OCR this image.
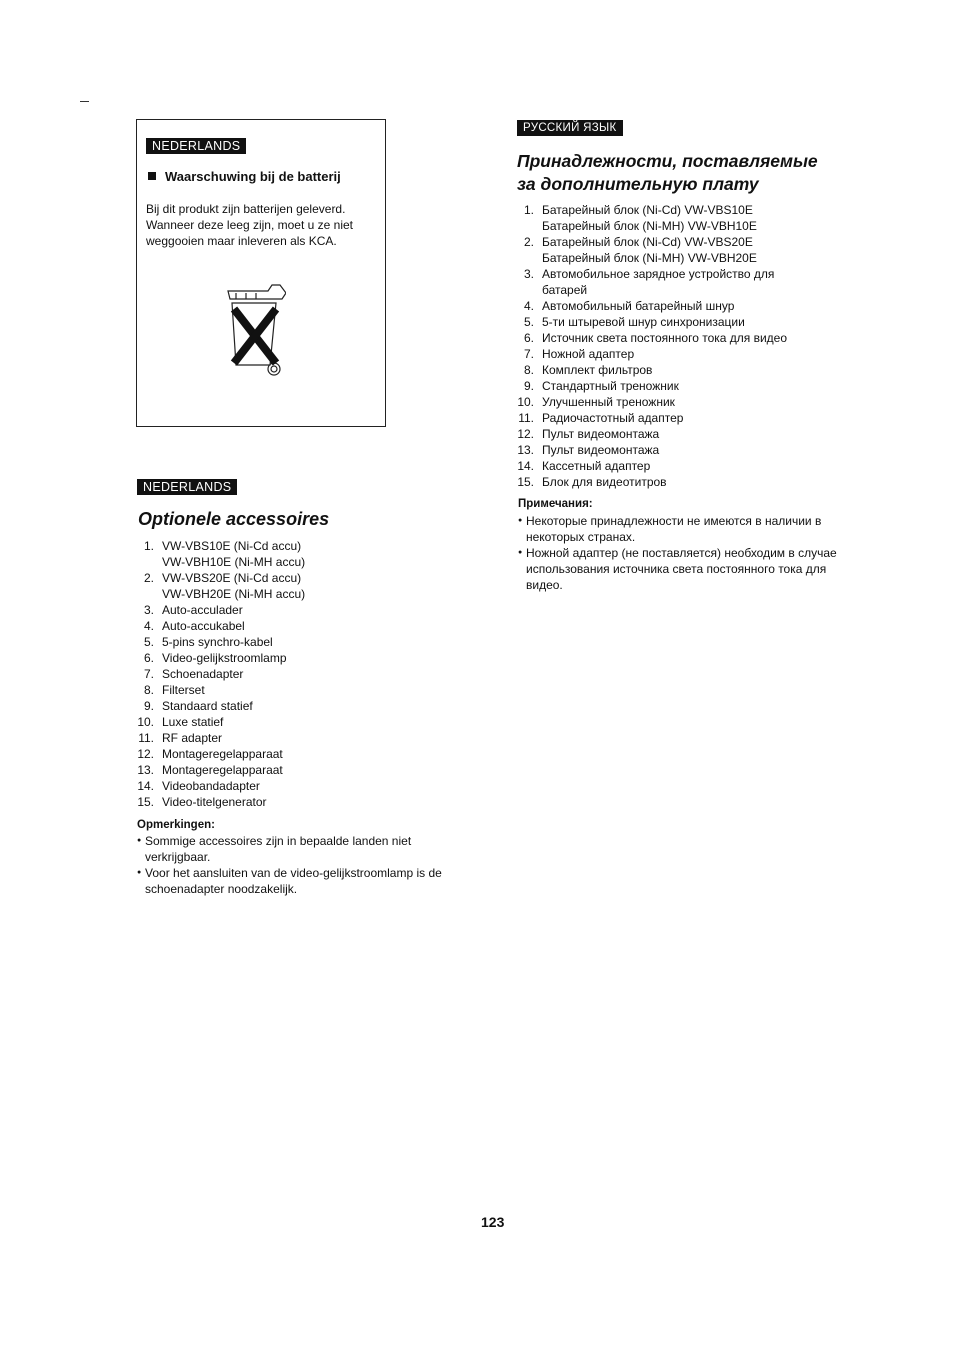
NEDERLANDS
Waarschuwing bij de batterij
Bij dit produkt zijn batterijen geleverd. Wanneer deze leeg zijn, moet u ze niet weggooien maar inleveren als KCA.
NEDERLANDS
Optionele accessoires
1. VW-VBS10E (Ni-Cd accu)
VW-VBH10E (Ni-MH accu)
2. VW-VBS20E (Ni-Cd accu)
VW-VBH20E (Ni-MH accu)
3. Auto-acculader
4. Auto-accukabel
5. 5-pins synchro-kabel
6. Video-gelijkstroomlamp
7. Schoenadapter
8. Filterset
9. Standaard statief
10. Luxe statief
11. RF adapter
12. Montageregelapparaat
13. Montageregelapparaat
14. Videobandadapter
15. Video-titelgenerator
Opmerkingen:
● Sommige accessoires zijn in bepaalde landen niet verkrijgbaar.
● Voor het aansluiten van de video-gelijkstroomlamp is de schoenadapter noodzakelijk.
РУССКИЙ ЯЗЫК
Принадлежности, поставляемые
за дополнительную плату
1. Батарейный блок (Ni-Cd) VW-VBS10E
Батарейный блок (Ni-MH) VW-VBH10E
2. Батарейный блок (Ni-Cd) VW-VBS20E
Батарейный блок (Ni-MH) VW-VBH20E
3. Автомобильное зарядное устройство для
батарей
4. Автомобильный батарейный шнур
5. 5-ти штыревой шнур синхронизации
6. Источник света постоянного тока для видео
7. Ножной адаптер
8. Комплект фильтров
9. Стандартный треножник
10. Улучшенный треножник
11. Радиочастотный адаптер
12. Пульт видеомонтажа
13. Пульт видеомонтажа
14. Кассетный адаптер
15. Блок для видеотитров
Примечания:
● Некоторые принадлежности не имеются в наличии в некоторых странах.
● Ножной адаптер (не поставляется) необходим в случае использования источника света постоянного тока для видео.
123
